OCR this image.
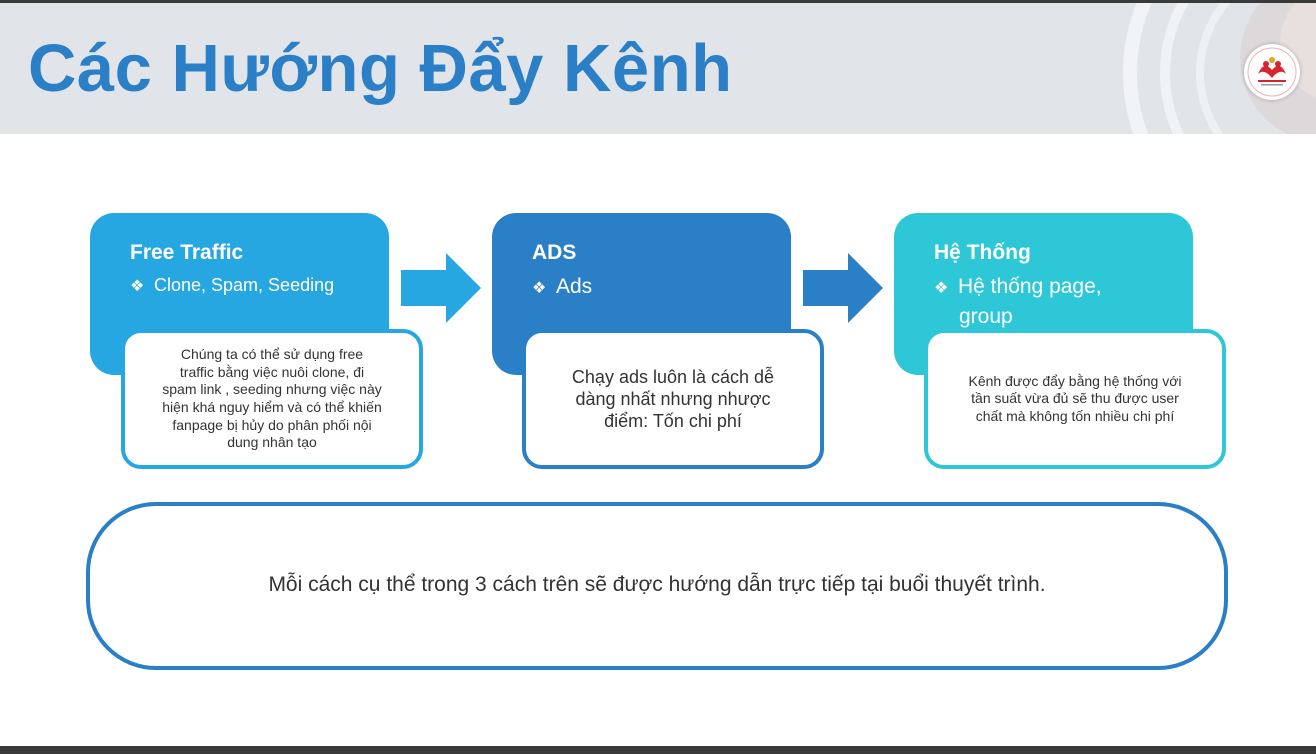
Các Hướng Đẩy Kênh
Free Traffic
❖ Clone, Spam, Seeding
Chúng ta có thể sử dụng free traffic bằng việc nuôi clone, đi spam link , seeding nhưng việc này hiện khá nguy hiểm và có thể khiến fanpage bị hủy do phân phối nội dung nhân tạo
ADS
❖ Ads
Chạy ads luôn là cách dễ dàng nhất nhưng nhược điểm: Tốn chi phí
Hệ Thống
❖ Hệ thống page,
group
Kênh được đẩy bằng hệ thống với tần suất vừa đủ sẽ thu được user chất mà không tốn nhiều chi phí
Mỗi cách cụ thể trong 3 cách trên sẽ được hướng dẫn trực tiếp tại buổi thuyết trình.
